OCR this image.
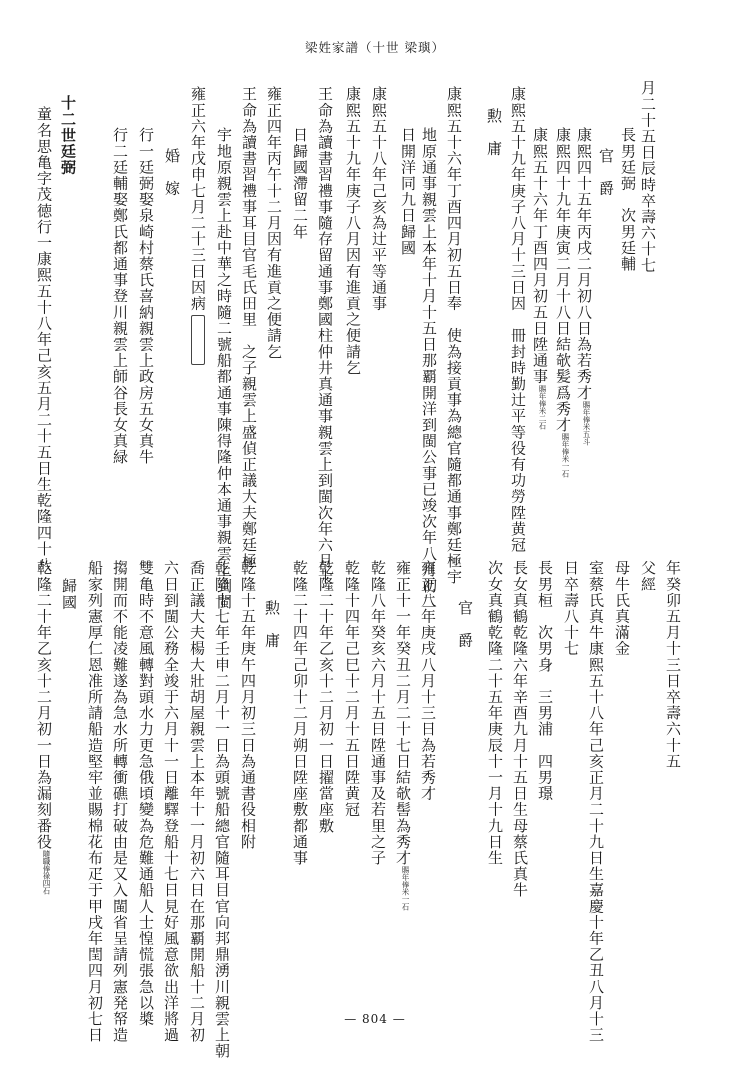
梁姓家譜（十世 梁璵）
月二十五日辰時卒壽六十七
長男廷弼　次男廷輔
官　爵
康熙四十五年丙戌二月初八日為若秀才賜年俸米五斗
康熙四十九年庚寅二月十八日結欹髪爲秀才賜年俸米一石
康熙五十六年丁酉四月初五日陞通事賜年俸米二石
康熙五十九年庚子八月十三日因　冊封時勤辻平等役有功勞陞黄冠
勲　庸
康熙五十六年丁酉四月初五日奉　使為接貢事為總官隨都通事鄭廷極宇
地原通事親雲上本年十月十五日那覇開洋到閩公事已竣次年八月初二
日開洋同九日歸國
康熙五十八年己亥為辻平等通事
康熙五十九年庚子八月因有進貢之便請乞
王命為讀書習禮事隨存留通事鄭國柱仲井真通事親雲上到閩次年六月十
日歸國滯留二年
雍正四年丙午十二月因有進貢之便請乞
王命為讀書習禮事耳目官毛氏田里　之子親雲上盛偵正議大夫鄭廷極
宇地原親雲上赴中華之時隨二號船都通事陳得隆仲本通事親雲上到閩
雍正六年戊申七月二十三日因病
婚　嫁
行一廷弼娶泉崎村蔡氏喜納親雲上政房五女真牛
行二廷輔娶鄭氏都通事登川親雲上師谷長女真緑
十二世廷弼
童名思亀字茂徳行一康熙五十八年己亥五月二十五日生乾隆四十八
年癸卯五月十三日卒壽六十五
父經
母牛氏真滿金
室蔡氏真牛康熙五十八年己亥正月二十九日生嘉慶十年乙丑八月十三
日卒壽八十七
長男桓　次男身　三男浦　四男璟
長女真鶴乾隆六年辛酉九月十五日生母蔡氏真牛
次女真鶴乾隆二十五年庚辰十一月十九日生
官　爵
雍正八年庚戌八月十三日為若秀才
雍正十一年癸丑二月二十七日結欹髻為秀才賜年俸米一石
乾隆八年癸亥六月十五日陞通事及若里之子
乾隆十四年己巳十二月十五日陞黄冠
乾隆二十年乙亥十二月初一日擢當座敷
乾隆二十四年己卯十二月朔日陞座敷都通事
勲　庸
乾隆十五年庚午四月初三日為通書役相附
乾隆十七年壬申二月十一日為頭號船總官隨耳目官向邦鼎湧川親雲上朝
喬正議大夫楊大壯胡屋親雲上本年十一月初六日在那覇開船十二月初
六日到閩公務全竣于六月十一日離驛登船十七日見好風意欲出洋將過
雙亀時不意風轉對頭水力更急俄頃變為危難通船人士惶慌張急以槳
搊開而不能凌難遂為急水所轉衝礁打破由是又入閩省呈請列憲発帑造
船家列憲厚仁恩准所請船造堅牢並賜棉花布疋于甲戌年閏四月初七日
歸國
乾隆二十年乙亥十二月初一日為漏刻番役隨職俸祿四石
— 804 —
